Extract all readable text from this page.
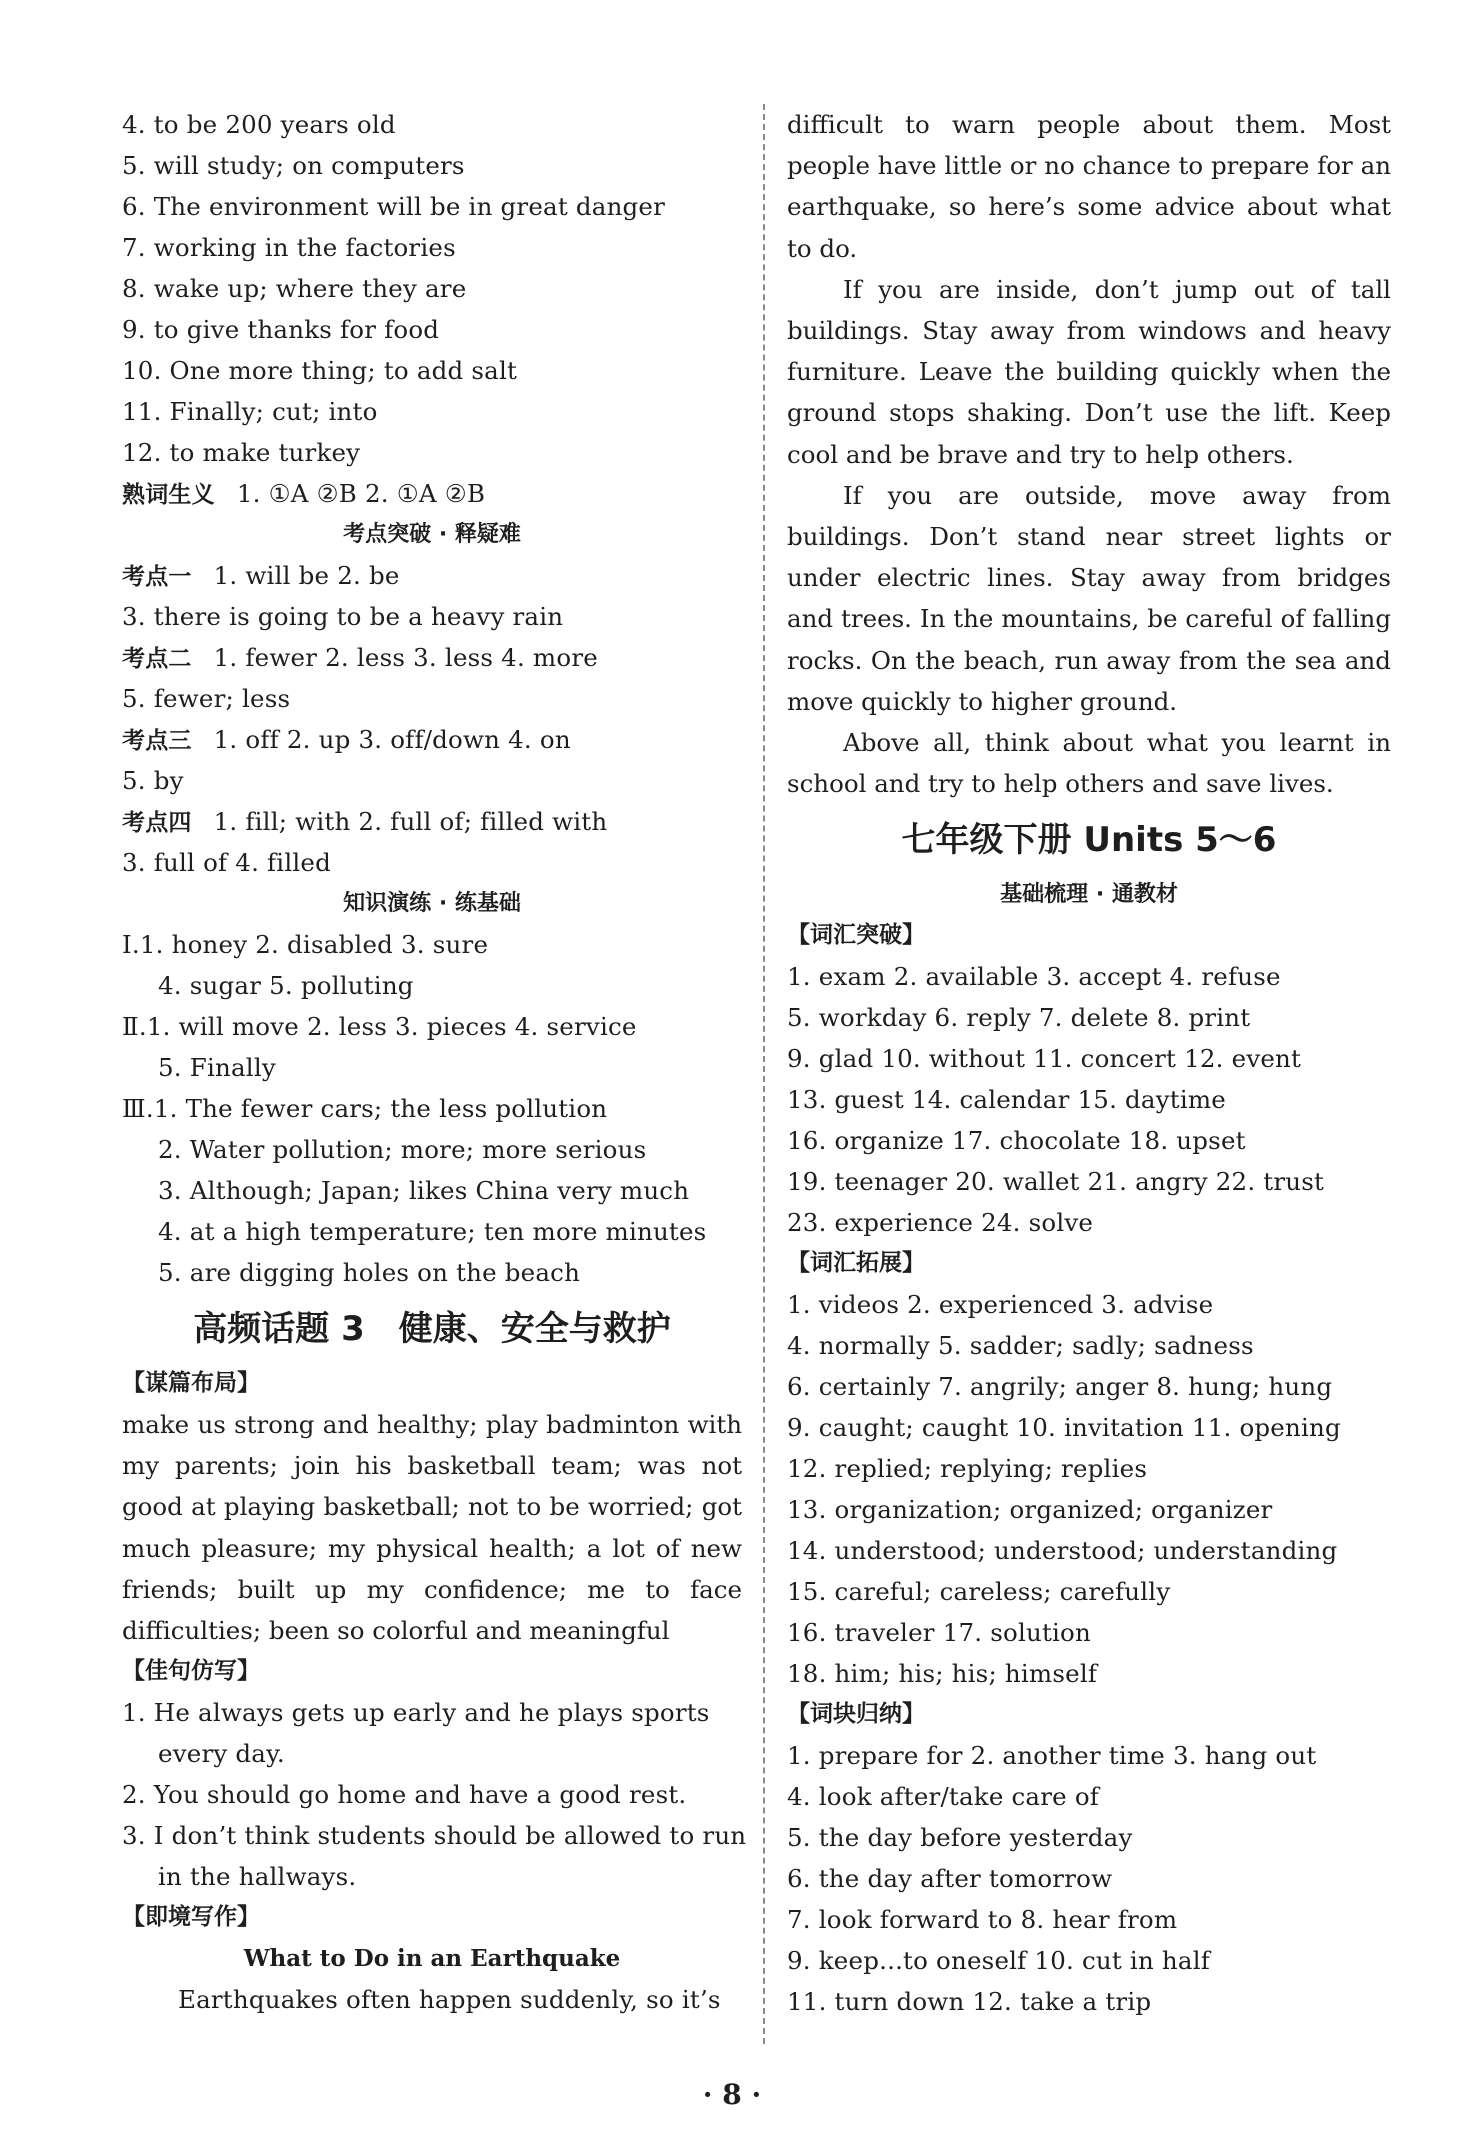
4. to be 200 years old
5. will study; on computers
6. The environment will be in great danger
7. working in the factories
8. wake up; where they are
9. to give thanks for food
10. One more thing; to add salt
11. Finally; cut; into
12. to make turkey
熟词生义 1. ①A ②B 2. ①A ②B
考点突破 · 释疑难
考点一 1. will be 2. be
3. there is going to be a heavy rain
考点二 1. fewer 2. less 3. less 4. more
5. fewer; less
考点三 1. off 2. up 3. off/down 4. on
5. by
考点四 1. fill; with 2. full of; filled with
3. full of 4. filled
知识演练 · 练基础
Ⅰ.1. honey 2. disabled 3. sure
4. sugar 5. polluting
Ⅱ.1. will move 2. less 3. pieces 4. service
5. Finally
Ⅲ.1. The fewer cars; the less pollution
2. Water pollution; more; more serious
3. Although; Japan; likes China very much
4. at a high temperature; ten more minutes
5. are digging holes on the beach
高频话题 3　健康、安全与救护
【谋篇布局】
make us strong and healthy; play badminton with my parents; join his basketball team; was not good at playing basketball; not to be worried; got much pleasure; my physical health; a lot of new friends; built up my confidence; me to face difficulties; been so colorful and meaningful
【佳句仿写】
1. He always gets up early and he plays sports
every day.
2. You should go home and have a good rest.
3. I don’t think students should be allowed to run
in the hallways.
【即境写作】
What to Do in an Earthquake
Earthquakes often happen suddenly, so it’s
difficult to warn people about them. Most people have little or no chance to prepare for an earthquake, so here’s some advice about what to do.
If you are inside, don’t jump out of tall buildings. Stay away from windows and heavy furniture. Leave the building quickly when the ground stops shaking. Don’t use the lift. Keep cool and be brave and try to help others.
If you are outside, move away from buildings. Don’t stand near street lights or under electric lines. Stay away from bridges and trees. In the mountains, be careful of falling rocks. On the beach, run away from the sea and move quickly to higher ground.
Above all, think about what you learnt in school and try to help others and save lives.
七年级下册 Units 5～6
基础梳理 · 通教材
【词汇突破】
1. exam 2. available 3. accept 4. refuse
5. workday 6. reply 7. delete 8. print
9. glad 10. without 11. concert 12. event
13. guest 14. calendar 15. daytime
16. organize 17. chocolate 18. upset
19. teenager 20. wallet 21. angry 22. trust
23. experience 24. solve
【词汇拓展】
1. videos 2. experienced 3. advise
4. normally 5. sadder; sadly; sadness
6. certainly 7. angrily; anger 8. hung; hung
9. caught; caught 10. invitation 11. opening
12. replied; replying; replies
13. organization; organized; organizer
14. understood; understood; understanding
15. careful; careless; carefully
16. traveler 17. solution
18. him; his; his; himself
【词块归纳】
1. prepare for 2. another time 3. hang out
4. look after/take care of
5. the day before yesterday
6. the day after tomorrow
7. look forward to 8. hear from
9. keep...to oneself 10. cut in half
11. turn down 12. take a trip
· 8 ·
